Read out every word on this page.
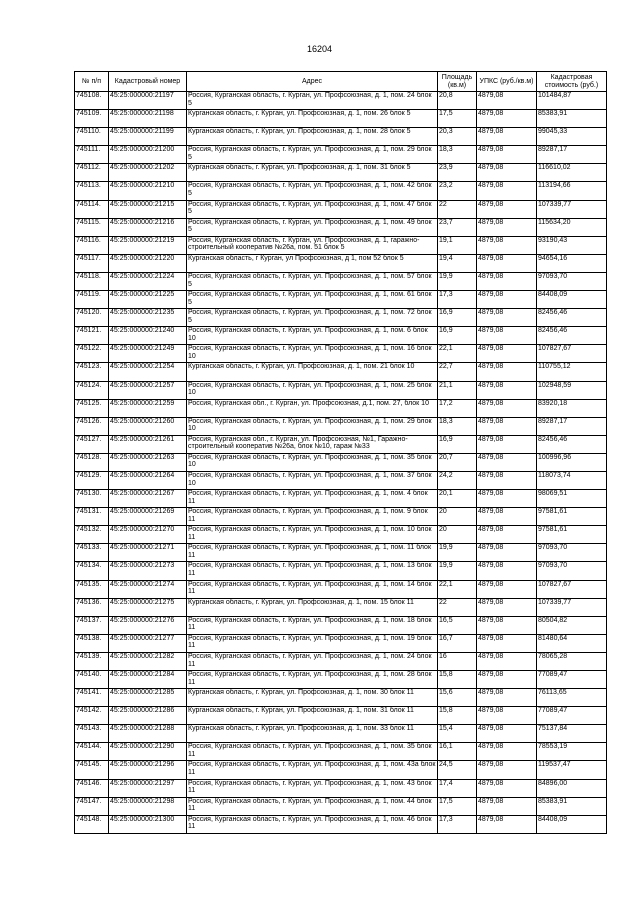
16204
№ п/п	Кадастровый номер	Адрес	Площадь (кв.м)	УПКС (руб./кв.м)	Кадастровая стоимость (руб.)
745108.	45:25:000000:21197	Россия, Курганская область, г. Курган, ул. Профсоюзная, д. 1, пом. 24 блок 5	20,8	4879,08	101484,87
745109.	45:25:000000:21198	Курганская область, г. Курган, ул. Профсоюзная, д. 1, пом. 26 блок 5	17,5	4879,08	85383,91
745110.	45:25:000000:21199	Курганская область, г. Курган, ул. Профсоюзная, д. 1, пом. 28 блок 5	20,3	4879,08	99045,33
745111.	45:25:000000:21200	Россия, Курганская область, г. Курган, ул. Профсоюзная, д. 1, пом. 29 блок 5	18,3	4879,08	89287,17
745112.	45:25:000000:21202	Курганская область, г. Курган, ул. Профсоюзная, д. 1, пом. 31 блок 5	23,9	4879,08	116610,02
745113.	45:25:000000:21210	Россия, Курганская область, г. Курган, ул. Профсоюзная, д. 1, пом. 42 блок 5	23,2	4879,08	113194,66
745114.	45:25:000000:21215	Россия, Курганская область, г. Курган, ул. Профсоюзная, д. 1, пом. 47 блок 5	22	4879,08	107339,77
745115.	45:25:000000:21216	Россия, Курганская область, г. Курган, ул. Профсоюзная, д. 1, пом. 49 блок 5	23,7	4879,08	115634,20
745116.	45:25:000000:21219	Россия, Курганская область, г. Курган, ул. Профсоюзная, д. 1, гаражно-строительный кооператив №26а, пом. 51 блок 5	19,1	4879,08	93190,43
745117.	45:25:000000:21220	Курганская область, г Курган, ул Профсоюзная, д 1, пом 52 блок 5	19,4	4879,08	94654,16
745118.	45:25:000000:21224	Россия, Курганская область, г. Курган, ул. Профсоюзная, д. 1, пом. 57 блок 5	19,9	4879,08	97093,70
745119.	45:25:000000:21225	Россия, Курганская область, г. Курган, ул. Профсоюзная, д. 1, пом. 61 блок 5	17,3	4879,08	84408,09
745120.	45:25:000000:21235	Россия, Курганская область, г. Курган, ул. Профсоюзная, д. 1, пом. 72 блок 5	16,9	4879,08	82456,46
745121.	45:25:000000:21240	Россия, Курганская область, г. Курган, ул. Профсоюзная, д. 1, пом. 6 блок 10	16,9	4879,08	82456,46
745122.	45:25:000000:21249	Россия, Курганская область, г. Курган, ул. Профсоюзная, д. 1, пом. 16 блок 10	22,1	4879,08	107827,67
745123.	45:25:000000:21254	Курганская область, г. Курган, ул. Профсоюзная, д. 1, пом. 21 блок 10	22,7	4879,08	110755,12
745124.	45:25:000000:21257	Россия, Курганская область, г. Курган, ул. Профсоюзная, д. 1, пом. 25 блок 10	21,1	4879,08	102948,59
745125.	45:25:000000:21259	Россия, Курганская обл., г. Курган, ул. Профсоюзная, д.1, пом. 27, блок 10	17,2	4879,08	83920,18
745126.	45:25:000000:21260	Россия, Курганская область, г. Курган, ул. Профсоюзная, д. 1, пом. 29 блок 10	18,3	4879,08	89287,17
745127.	45:25:000000:21261	Россия, Курганская обл., г. Курган, ул. Профсоюзная, №1, Гаражно-строительный кооператив №26а, блок №10, гараж №33	16,9	4879,08	82456,46
745128.	45:25:000000:21263	Россия, Курганская область, г. Курган, ул. Профсоюзная, д. 1, пом. 35 блок 10	20,7	4879,08	100996,96
745129.	45:25:000000:21264	Россия, Курганская область, г. Курган, ул. Профсоюзная, д. 1, пом. 37 блок 10	24,2	4879,08	118073,74
745130.	45:25:000000:21267	Россия, Курганская область, г. Курган, ул. Профсоюзная, д. 1, пом. 4 блок 11	20,1	4879,08	98069,51
745131.	45:25:000000:21269	Россия, Курганская область, г. Курган, ул. Профсоюзная, д. 1, пом. 9 блок 11	20	4879,08	97581,61
745132.	45:25:000000:21270	Россия, Курганская область, г. Курган, ул. Профсоюзная, д. 1, пом. 10 блок 11	20	4879,08	97581,61
745133.	45:25:000000:21271	Россия, Курганская область, г. Курган, ул. Профсоюзная, д. 1, пом. 11 блок 11	19,9	4879,08	97093,70
745134.	45:25:000000:21273	Россия, Курганская область, г. Курган, ул. Профсоюзная, д. 1, пом. 13 блок 11	19,9	4879,08	97093,70
745135.	45:25:000000:21274	Россия, Курганская область, г. Курган, ул. Профсоюзная, д. 1, пом. 14 блок 11	22,1	4879,08	107827,67
745136.	45:25:000000:21275	Курганская область, г. Курган, ул. Профсоюзная, д. 1, пом. 15 блок 11	22	4879,08	107339,77
745137.	45:25:000000:21276	Россия, Курганская область, г. Курган, ул. Профсоюзная, д. 1, пом. 18 блок 11	16,5	4879,08	80504,82
745138.	45:25:000000:21277	Россия, Курганская область, г. Курган, ул. Профсоюзная, д. 1, пом. 19 блок 11	16,7	4879,08	81480,64
745139.	45:25:000000:21282	Россия, Курганская область, г. Курган, ул. Профсоюзная, д. 1, пом. 24 блок 11	16	4879,08	78065,28
745140.	45:25:000000:21284	Россия, Курганская область, г. Курган, ул. Профсоюзная, д. 1, пом. 28 блок 11	15,8	4879,08	77089,47
745141.	45:25:000000:21285	Курганская область, г. Курган, ул. Профсоюзная, д. 1, пом. 30 блок 11	15,6	4879,08	76113,65
745142.	45:25:000000:21286	Курганская область, г. Курган, ул. Профсоюзная, д. 1, пом. 31 блок 11	15,8	4879,08	77089,47
745143.	45:25:000000:21288	Курганская область, г. Курган, ул. Профсоюзная, д. 1, пом. 33 блок 11	15,4	4879,08	75137,84
745144.	45:25:000000:21290	Россия, Курганская область, г. Курган, ул. Профсоюзная, д. 1, пом. 35 блок 11	16,1	4879,08	78553,19
745145.	45:25:000000:21296	Россия, Курганская область, г. Курган, ул. Профсоюзная, д. 1, пом. 43а блок 11	24,5	4879,08	119537,47
745146.	45:25:000000:21297	Россия, Курганская область, г. Курган, ул. Профсоюзная, д. 1, пом. 43 блок 11	17,4	4879,08	84896,00
745147.	45:25:000000:21298	Россия, Курганская область, г. Курган, ул. Профсоюзная, д. 1, пом. 44 блок 11	17,5	4879,08	85383,91
745148.	45:25:000000:21300	Россия, Курганская область, г. Курган, ул. Профсоюзная, д. 1, пом. 46 блок 11	17,3	4879,08	84408,09
